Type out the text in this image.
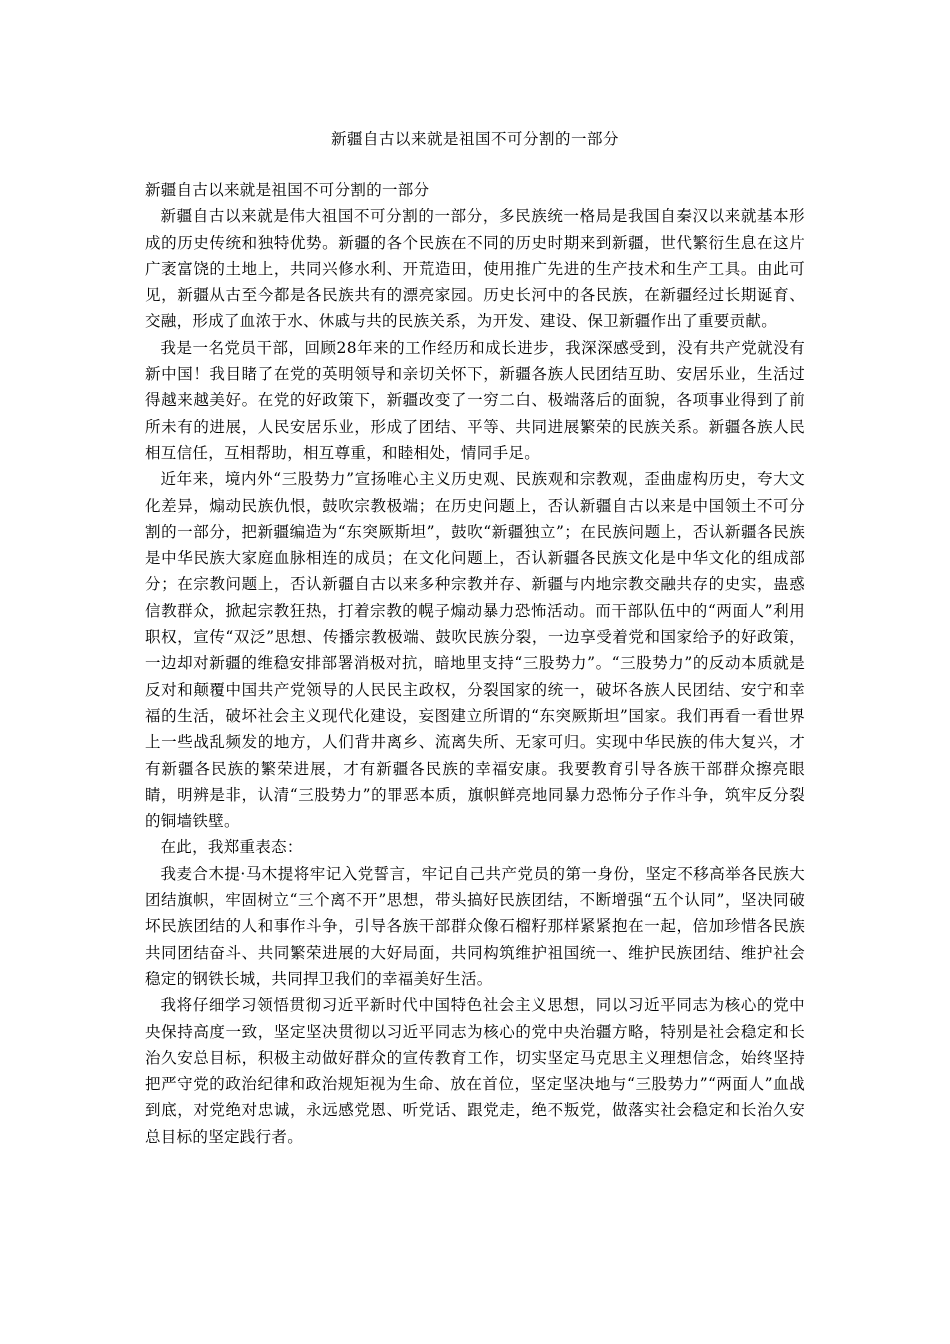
新疆自古以来就是祖国不可分割的一部分

新疆自古以来就是祖国不可分割的一部分

新疆自古以来就是伟大祖国不可分割的一部分，多民族统一格局是我国自秦汉以来就基本形成的历史传统和独特优势。新疆的各个民族在不同的历史时期来到新疆，世代繁衍生息在这片广袤富饶的土地上，共同兴修水利、开荒造田，使用推广先进的生产技术和生产工具。由此可见，新疆从古至今都是各民族共有的漂亮家园。历史长河中的各民族，在新疆经过长期诞育、交融，形成了血浓于水、休戚与共的民族关系，为开发、建设、保卫新疆作出了重要贡献。

我是一名党员干部，回顾28年来的工作经历和成长进步，我深深感受到，没有共产党就没有新中国！我目睹了在党的英明领导和亲切关怀下，新疆各族人民团结互助、安居乐业，生活过得越来越美好。在党的好政策下，新疆改变了一穷二白、极端落后的面貌，各项事业得到了前所未有的进展，人民安居乐业，形成了团结、平等、共同进展繁荣的民族关系。新疆各族人民相互信任，互相帮助，相互尊重，和睦相处，情同手足。

近年来，境内外“三股势力”宣扬唯心主义历史观、民族观和宗教观，歪曲虚构历史，夸大文化差异，煽动民族仇恨，鼓吹宗教极端；在历史问题上，否认新疆自古以来是中国领土不可分割的一部分，把新疆编造为“东突厥斯坦”，鼓吹“新疆独立”；在民族问题上，否认新疆各民族是中华民族大家庭血脉相连的成员；在文化问题上，否认新疆各民族文化是中华文化的组成部分；在宗教问题上，否认新疆自古以来多种宗教并存、新疆与内地宗教交融共存的史实，蛊惑信教群众，掀起宗教狂热，打着宗教的幌子煽动暴力恐怖活动。而干部队伍中的“两面人”利用职权，宣传“双泛”思想、传播宗教极端、鼓吹民族分裂，一边享受着党和国家给予的好政策，一边却对新疆的维稳安排部署消极对抗，暗地里支持“三股势力”。“三股势力”的反动本质就是反对和颠覆中国共产党领导的人民民主政权，分裂国家的统一，破坏各族人民团结、安宁和幸福的生活，破坏社会主义现代化建设，妄图建立所谓的“东突厥斯坦”国家。我们再看一看世界上一些战乱频发的地方，人们背井离乡、流离失所、无家可归。实现中华民族的伟大复兴，才有新疆各民族的繁荣进展，才有新疆各民族的幸福安康。我要教育引导各族干部群众擦亮眼睛，明辨是非，认清“三股势力”的罪恶本质，旗帜鲜亮地同暴力恐怖分子作斗争，筑牢反分裂的铜墙铁壁。

在此，我郑重表态：

我麦合木提·马木提将牢记入党誓言，牢记自己共产党员的第一身份，坚定不移高举各民族大团结旗帜，牢固树立“三个离不开”思想，带头搞好民族团结，不断增强“五个认同”，坚决同破坏民族团结的人和事作斗争，引导各族干部群众像石榴籽那样紧紧抱在一起，倍加珍惜各民族共同团结奋斗、共同繁荣进展的大好局面，共同构筑维护祖国统一、维护民族团结、维护社会稳定的钢铁长城，共同捍卫我们的幸福美好生活。

我将仔细学习领悟贯彻习近平新时代中国特色社会主义思想，同以习近平同志为核心的党中央保持高度一致，坚定坚决贯彻以习近平同志为核心的党中央治疆方略，特别是社会稳定和长治久安总目标，积极主动做好群众的宣传教育工作，切实坚定马克思主义理想信念，始终坚持把严守党的政治纪律和政治规矩视为生命、放在首位，坚定坚决地与“三股势力”“两面人”血战到底，对党绝对忠诚，永远感党恩、听党话、跟党走，绝不叛党，做落实社会稳定和长治久安总目标的坚定践行者。
